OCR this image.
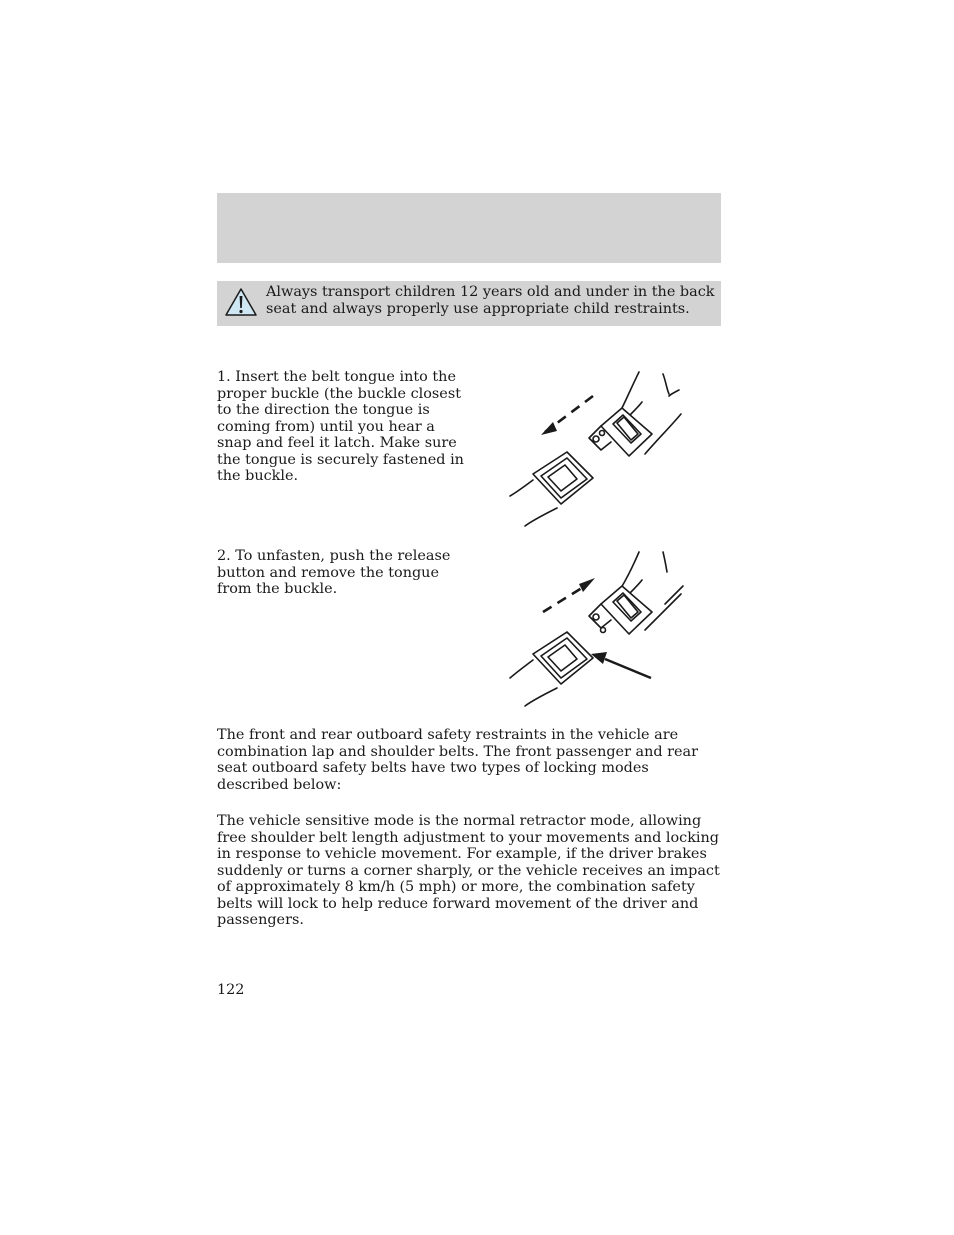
Always transport children 12 years old and under in the back seat and always properly use appropriate child restraints.
1. Insert the belt tongue into the proper buckle (the buckle closest to the direction the tongue is coming from) until you hear a snap and feel it latch. Make sure the tongue is securely fastened in the buckle.
2. To unfasten, push the release button and remove the tongue from the buckle.
The front and rear outboard safety restraints in the vehicle are combination lap and shoulder belts. The front passenger and rear seat outboard safety belts have two types of locking modes described below:
The vehicle sensitive mode is the normal retractor mode, allowing free shoulder belt length adjustment to your movements and locking in response to vehicle movement. For example, if the driver brakes suddenly or turns a corner sharply, or the vehicle receives an impact of approximately 8 km/h (5 mph) or more, the combination safety belts will lock to help reduce forward movement of the driver and passengers.
122
